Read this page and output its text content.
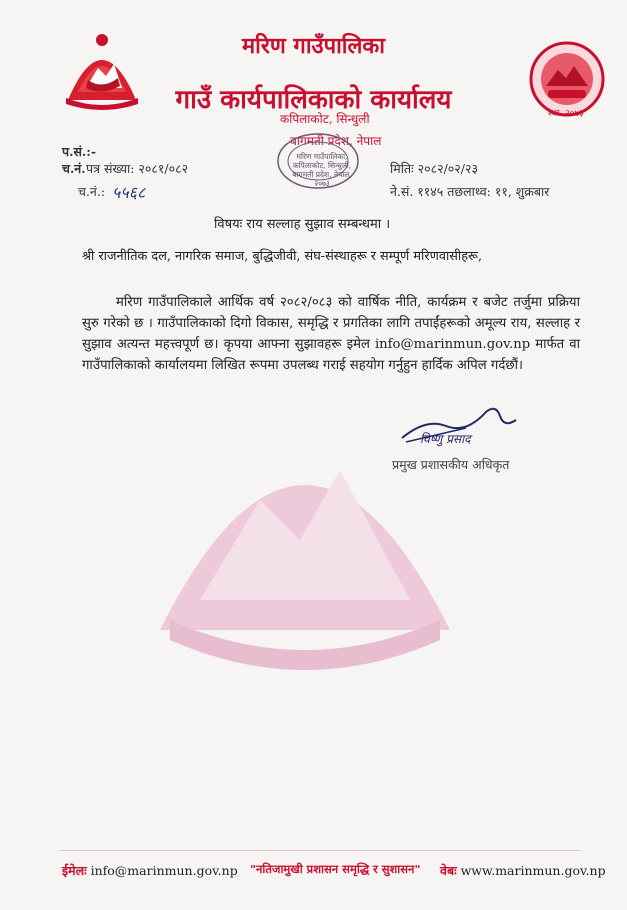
स्था. २०७३
मरिण गाउँपालिका
गाउँ कार्यपालिकाको कार्यालय
कपिलाकोट, सिन्धुली
बागमती प्रदेश, नेपाल
मरिण गाउँपालिका, कपिलाकोट, सिन्धुली, बागमती प्रदेश, नेपाल, २०७३
प.सं.:-
च.नं. पत्र संख्या: २०८१/०८२
च.नं.: ५५६८
मितिः २०८२/०२/२३
ने.सं. ११४५ तछलाथ्व: ११, शुक्रबार
विषयः राय सल्लाह सुझाव सम्बन्धमा ।
श्री राजनीतिक दल, नागरिक समाज, बुद्धिजीवी, संघ-संस्थाहरू र सम्पूर्ण मरिणवासीहरू,
मरिण गाउँपालिकाले आर्थिक वर्ष २०८२/०८३ को वार्षिक नीति, कार्यक्रम र बजेट तर्जुमा प्रक्रिया सुरु गरेको छ । गाउँपालिकाको दिगो विकास, समृद्धि र प्रगतिका लागि तपाईंहरूको अमूल्य राय, सल्लाह र सुझाव अत्यन्त महत्त्वपूर्ण छ। कृपया आफ्ना सुझावहरू इमेल info@marinmun.gov.np मार्फत वा गाउँपालिकाको कार्यालयमा लिखित रूपमा उपलब्ध गराई सहयोग गर्नुहुन हार्दिक अपिल गर्दछौं।
विष्णु प्रसाद
प्रमुख प्रशासकीय अधिकृत
ईमेलः info@marinmun.gov.np "नतिजामुखी प्रशासन समृद्धि र सुशासन" वेबः www.marinmun.gov.np
